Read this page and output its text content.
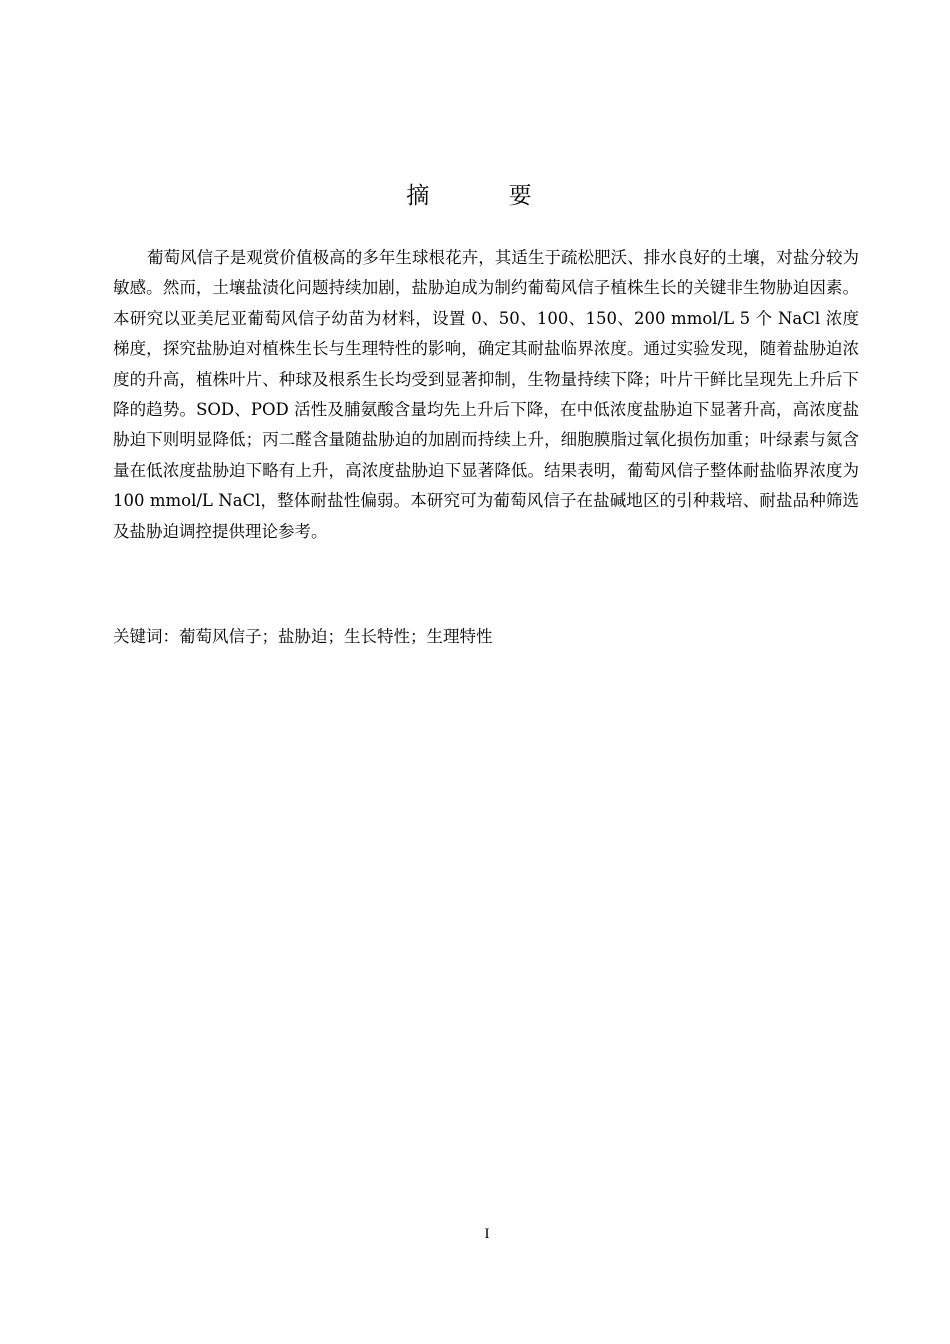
摘 要

葡萄风信子是观赏价值极高的多年生球根花卉，其适生于疏松肥沃、排水良好的土壤，对盐分较为敏感。然而，土壤盐渍化问题持续加剧，盐胁迫成为制约葡萄风信子植株生长的关键非生物胁迫因素。本研究以亚美尼亚葡萄风信子幼苗为材料，设置 0、50、100、150、200 mmol/L 5 个 NaCl 浓度梯度，探究盐胁迫对植株生长与生理特性的影响，确定其耐盐临界浓度。通过实验发现，随着盐胁迫浓度的升高，植株叶片、种球及根系生长均受到显著抑制，生物量持续下降；叶片干鲜比呈现先上升后下降的趋势。SOD、POD 活性及脯氨酸含量均先上升后下降，在中低浓度盐胁迫下显著升高，高浓度盐胁迫下则明显降低；丙二醛含量随盐胁迫的加剧而持续上升，细胞膜脂过氧化损伤加重；叶绿素与氮含量在低浓度盐胁迫下略有上升，高浓度盐胁迫下显著降低。结果表明，葡萄风信子整体耐盐临界浓度为 100 mmol/L NaCl，整体耐盐性偏弱。本研究可为葡萄风信子在盐碱地区的引种栽培、耐盐品种筛选及盐胁迫调控提供理论参考。

关键词：葡萄风信子；盐胁迫；生长特性；生理特性

I
